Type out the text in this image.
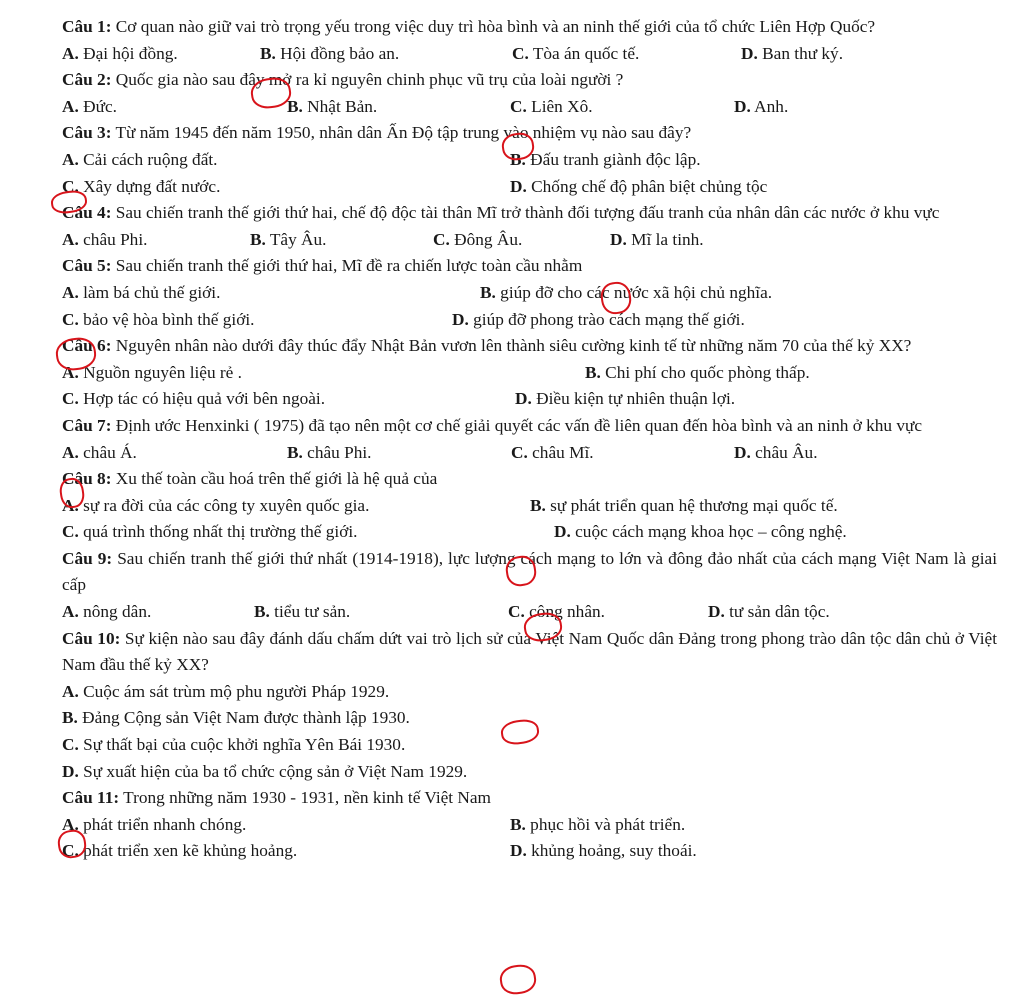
Câu 1: Cơ quan nào giữ vai trò trọng yếu trong việc duy trì hòa bình và an ninh thế giới của tổ chức Liên Hợp Quốc?

A. Đại hội đồng.	B. Hội đồng bảo an.	C. Tòa án quốc tế.	D. Ban thư ký.

Câu 2: Quốc gia nào sau đây mở ra kỉ nguyên chinh phục vũ trụ của loài người ?

A. Đức.	B. Nhật Bản.	C. Liên Xô.	D. Anh.

Câu 3: Từ năm 1945 đến năm 1950, nhân dân Ấn Độ tập trung vào nhiệm vụ nào sau đây?

A. Cải cách ruộng đất.	B. Đấu tranh giành độc lập.
C. Xây dựng đất nước.	D. Chống chế độ phân biệt chủng tộc

Câu 4: Sau chiến tranh thế giới thứ hai, chế độ độc tài thân Mĩ trở thành đối tượng đấu tranh của nhân dân các nước ở khu vực

A. châu Phi.	B. Tây Âu.	C. Đông Âu.	D. Mĩ la tinh.

Câu 5: Sau chiến tranh thế giới thứ hai, Mĩ đề ra chiến lược toàn cầu nhằm

A. làm bá chủ thế giới.	B. giúp đỡ cho các nước xã hội chủ nghĩa.
C. bảo vệ hòa bình thế giới.	D. giúp đỡ phong trào cách mạng thế giới.

Câu 6: Nguyên nhân nào dưới đây thúc đẩy Nhật Bản vươn lên thành siêu cường kinh tế từ những năm 70 của thế kỷ XX?

A. Nguồn nguyên liệu rẻ .	B. Chi phí cho quốc phòng thấp.
C. Hợp tác có hiệu quả với bên ngoài.	D. Điều kiện tự nhiên thuận lợi.

Câu 7: Định ước Henxinki ( 1975) đã tạo nên một cơ chế giải quyết các vấn đề liên quan đến hòa bình và an ninh ở khu vực

A. châu Á.	B. châu Phi.	C. châu Mĩ.	D. châu Âu.

Câu 8: Xu thế toàn cầu hoá trên thế giới là hệ quả của

A. sự ra đời của các công ty xuyên quốc gia.	B. sự phát triển quan hệ thương mại quốc tế.
C. quá trình thống nhất thị trường thế giới.	D. cuộc cách mạng khoa học – công nghệ.

Câu 9: Sau chiến tranh thế giới thứ nhất (1914-1918), lực lượng cách mạng to lớn và đông đảo nhất của cách mạng Việt Nam là giai cấp

A. nông dân.	B. tiểu tư sản.	C. công nhân.	D. tư sản dân tộc.

Câu 10: Sự kiện nào sau đây đánh dấu chấm dứt vai trò lịch sử của Việt Nam Quốc dân Đảng trong phong trào dân tộc dân chủ ở Việt Nam đầu thế kỷ XX?

A. Cuộc ám sát trùm mộ phu người Pháp 1929.
B. Đảng Cộng sản Việt Nam được thành lập 1930.
C. Sự thất bại của cuộc khởi nghĩa Yên Bái 1930.
D. Sự xuất hiện của ba tổ chức cộng sản ở Việt Nam 1929.

Câu 11: Trong những năm 1930 - 1931, nền kinh tế Việt Nam

A. phát triển nhanh chóng.	B. phục hồi và phát triển.
C. phát triển xen kẽ khủng hoảng.	D. khủng hoảng, suy thoái.
